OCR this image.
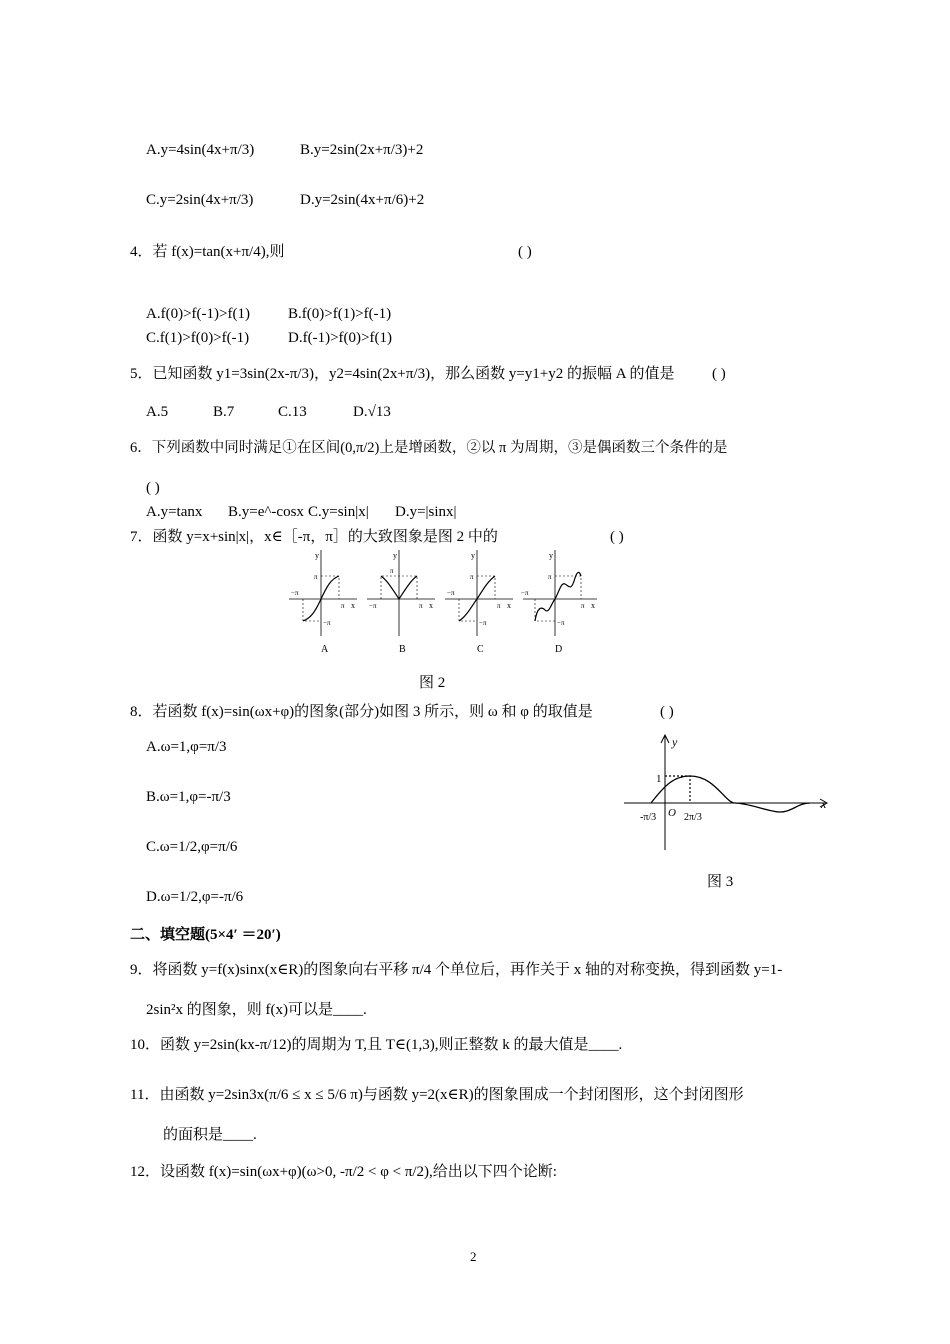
A.y=4sin(4x+π/3)	B.y=2sin(2x+π/3)+2
C.y=2sin(4x+π/3)	D.y=2sin(4x+π/6)+2
4．若 f(x)=tan(x+π/4),则	( )
A.f(0)>f(-1)>f(1)	B.f(0)>f(1)>f(-1)
C.f(1)>f(0)>f(-1)	D.f(-1)>f(0)>f(1)
5．已知函数 y1=3sin(2x-π/3)，y2=4sin(2x+π/3)，那么函数 y=y1+y2 的振幅 A 的值是 ( )
A.5	B.7	C.13	D.√13
6．下列函数中同时满足①在区间(0,π/2)上是增函数，②以 π 为周期，③是偶函数三个条件的是
( )
A.y=tanx B.y=e^-cosx C.y=sin|x| D.y=|sinx|
7．函数 y=x+sin|x|，x∈［-π，π］的大致图象是图 2 中的	( )
y
x
π
−π
π
−π
A
y
x
π
−π	π
B
y
x
π
−π
π
−π
C
y
x
π
−π
π
−π
D
图 2
8．若函数 f(x)=sin(ωx+φ)的图象(部分)如图 3 所示，则 ω 和 φ 的取值是	( )
A.ω=1,φ=π/3
B.ω=1,φ=-π/3
C.ω=1/2,φ=π/6
D.ω=1/2,φ=-π/6
y
x
1
O
-π/3	2π/3
图 3
二、填空题(5×4′ ＝20′)
9．将函数 y=f(x)sinx(x∈R)的图象向右平移 π/4 个单位后，再作关于 x 轴的对称变换，得到函数 y=1-
2sin²x 的图象，则 f(x)可以是____.
10．函数 y=2sin(kx-π/12)的周期为 T,且 T∈(1,3),则正整数 k 的最大值是____.
11．由函数 y=2sin3x(π/6 ≤ x ≤ 5/6 π)与函数 y=2(x∈R)的图象围成一个封闭图形，这个封闭图形
的面积是____.
12．设函数 f(x)=sin(ωx+φ)(ω>0, -π/2 < φ < π/2),给出以下四个论断:
2
